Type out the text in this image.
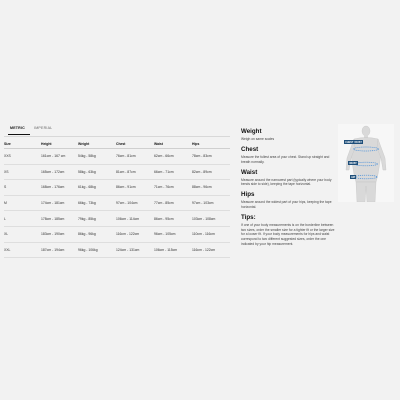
METRIC	IMPERIAL
Size	Height	Weight	Chest	Waist	Hips
XXS	161cm - 167 cm	54kg - 58kg	76cm - 81cm	62cm - 66cm	78cm - 83cm
XS	165cm - 172cm	58kg - 63kg	81cm - 87cm	66cm - 71cm	82cm - 89cm
S	168cm - 176cm	61kg - 68kg	86cm - 91cm	71cm - 76cm	88cm - 96cm
M	174cm - 181cm	66kg - 73kg	97cm - 104cm	77cm - 85cm	97cm - 103cm
L	178cm - 185cm	79kg - 85kg	106cm - 114cm	86cm - 95cm	103cm - 108cm
XL	183cm - 190cm	86kg - 96kg	116cm - 122cm	96cm - 105cm	110cm - 116cm
XXL	187cm - 194cm	96kg - 106kg	124cm - 131cm	106cm - 115cm	116cm - 122cm
Weight
Weigh on same scales
Chest
Measure the fullest area of your chest. Stand up straight and breath normally.
Waist
Measure around the narrowest part (typically where your body bends side to side), keeping the tape horizontal.
Hips
Measure around the widest part of your hips, keeping the tape horizontal.
Tips:
If one of your body measurements is on the borderline between two sizes, order the smaller size for a tighter fit or the larger size for a looser fit. If your body measurements for hips and waist correspond to two different suggested sizes, order the one indicated by your hip measurement.
CHEST / BUST
WAIST
HIP
